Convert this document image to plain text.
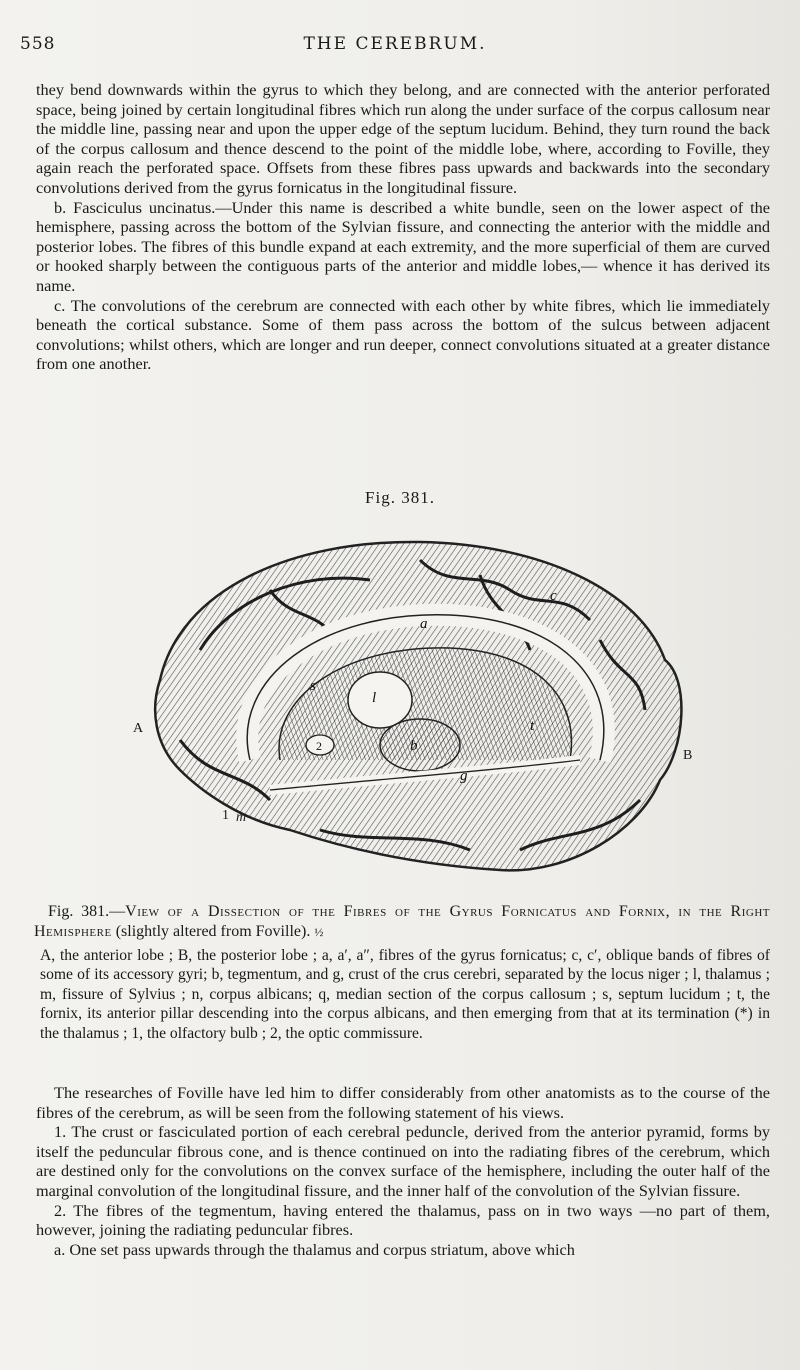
558	THE CEREBRUM.

they bend downwards within the gyrus to which they belong, and are connected with the anterior perforated space, being joined by certain longitudinal fibres which run along the under surface of the corpus callosum near the middle line, passing near and upon the upper edge of the septum lucidum. Behind, they turn round the back of the corpus callosum and thence descend to the point of the middle lobe, where, according to Foville, they again reach the perforated space. Offsets from these fibres pass upwards and backwards into the secondary convolutions derived from the gyrus fornicatus in the longitudinal fissure.

b. Fasciculus uncinatus.—Under this name is described a white bundle, seen on the lower aspect of the hemisphere, passing across the bottom of the Sylvian fissure, and connecting the anterior with the middle and posterior lobes. The fibres of this bundle expand at each extremity, and the more superficial of them are curved or hooked sharply between the contiguous parts of the anterior and middle lobes,— whence it has derived its name.

c. The convolutions of the cerebrum are connected with each other by white fibres, which lie immediately beneath the cortical substance. Some of them pass across the bottom of the sulcus between adjacent convolutions; whilst others, which are longer and run deeper, connect convolutions situated at a greater distance from one another.

Fig. 381.
a
s
l
b
g
t
c
2
A
B
1 m
Fig. 381.—View of a Dissection of the Fibres of the Gyrus Fornicatus and Fornix, in the Right Hemisphere (slightly altered from Foville). ½
A, the anterior lobe ; B, the posterior lobe ; a, a′, a″, fibres of the gyrus fornicatus; c, c′, oblique bands of fibres of some of its accessory gyri; b, tegmentum, and g, crust of the crus cerebri, separated by the locus niger ; l, thalamus ; m, fissure of Sylvius ; n, corpus albicans; q, median section of the corpus callosum ; s, septum lucidum ; t, the fornix, its anterior pillar descending into the corpus albicans, and then emerging from that at its termination (*) in the thalamus ; 1, the olfactory bulb ; 2, the optic commissure.

The researches of Foville have led him to differ considerably from other anatomists as to the course of the fibres of the cerebrum, as will be seen from the following statement of his views.

1. The crust or fasciculated portion of each cerebral peduncle, derived from the anterior pyramid, forms by itself the peduncular fibrous cone, and is thence continued on into the radiating fibres of the cerebrum, which are destined only for the convolutions on the convex surface of the hemisphere, including the outer half of the marginal convolution of the longitudinal fissure, and the inner half of the convolution of the Sylvian fissure.

2. The fibres of the tegmentum, having entered the thalamus, pass on in two ways —no part of them, however, joining the radiating peduncular fibres.

a. One set pass upwards through the thalamus and corpus striatum, above which
